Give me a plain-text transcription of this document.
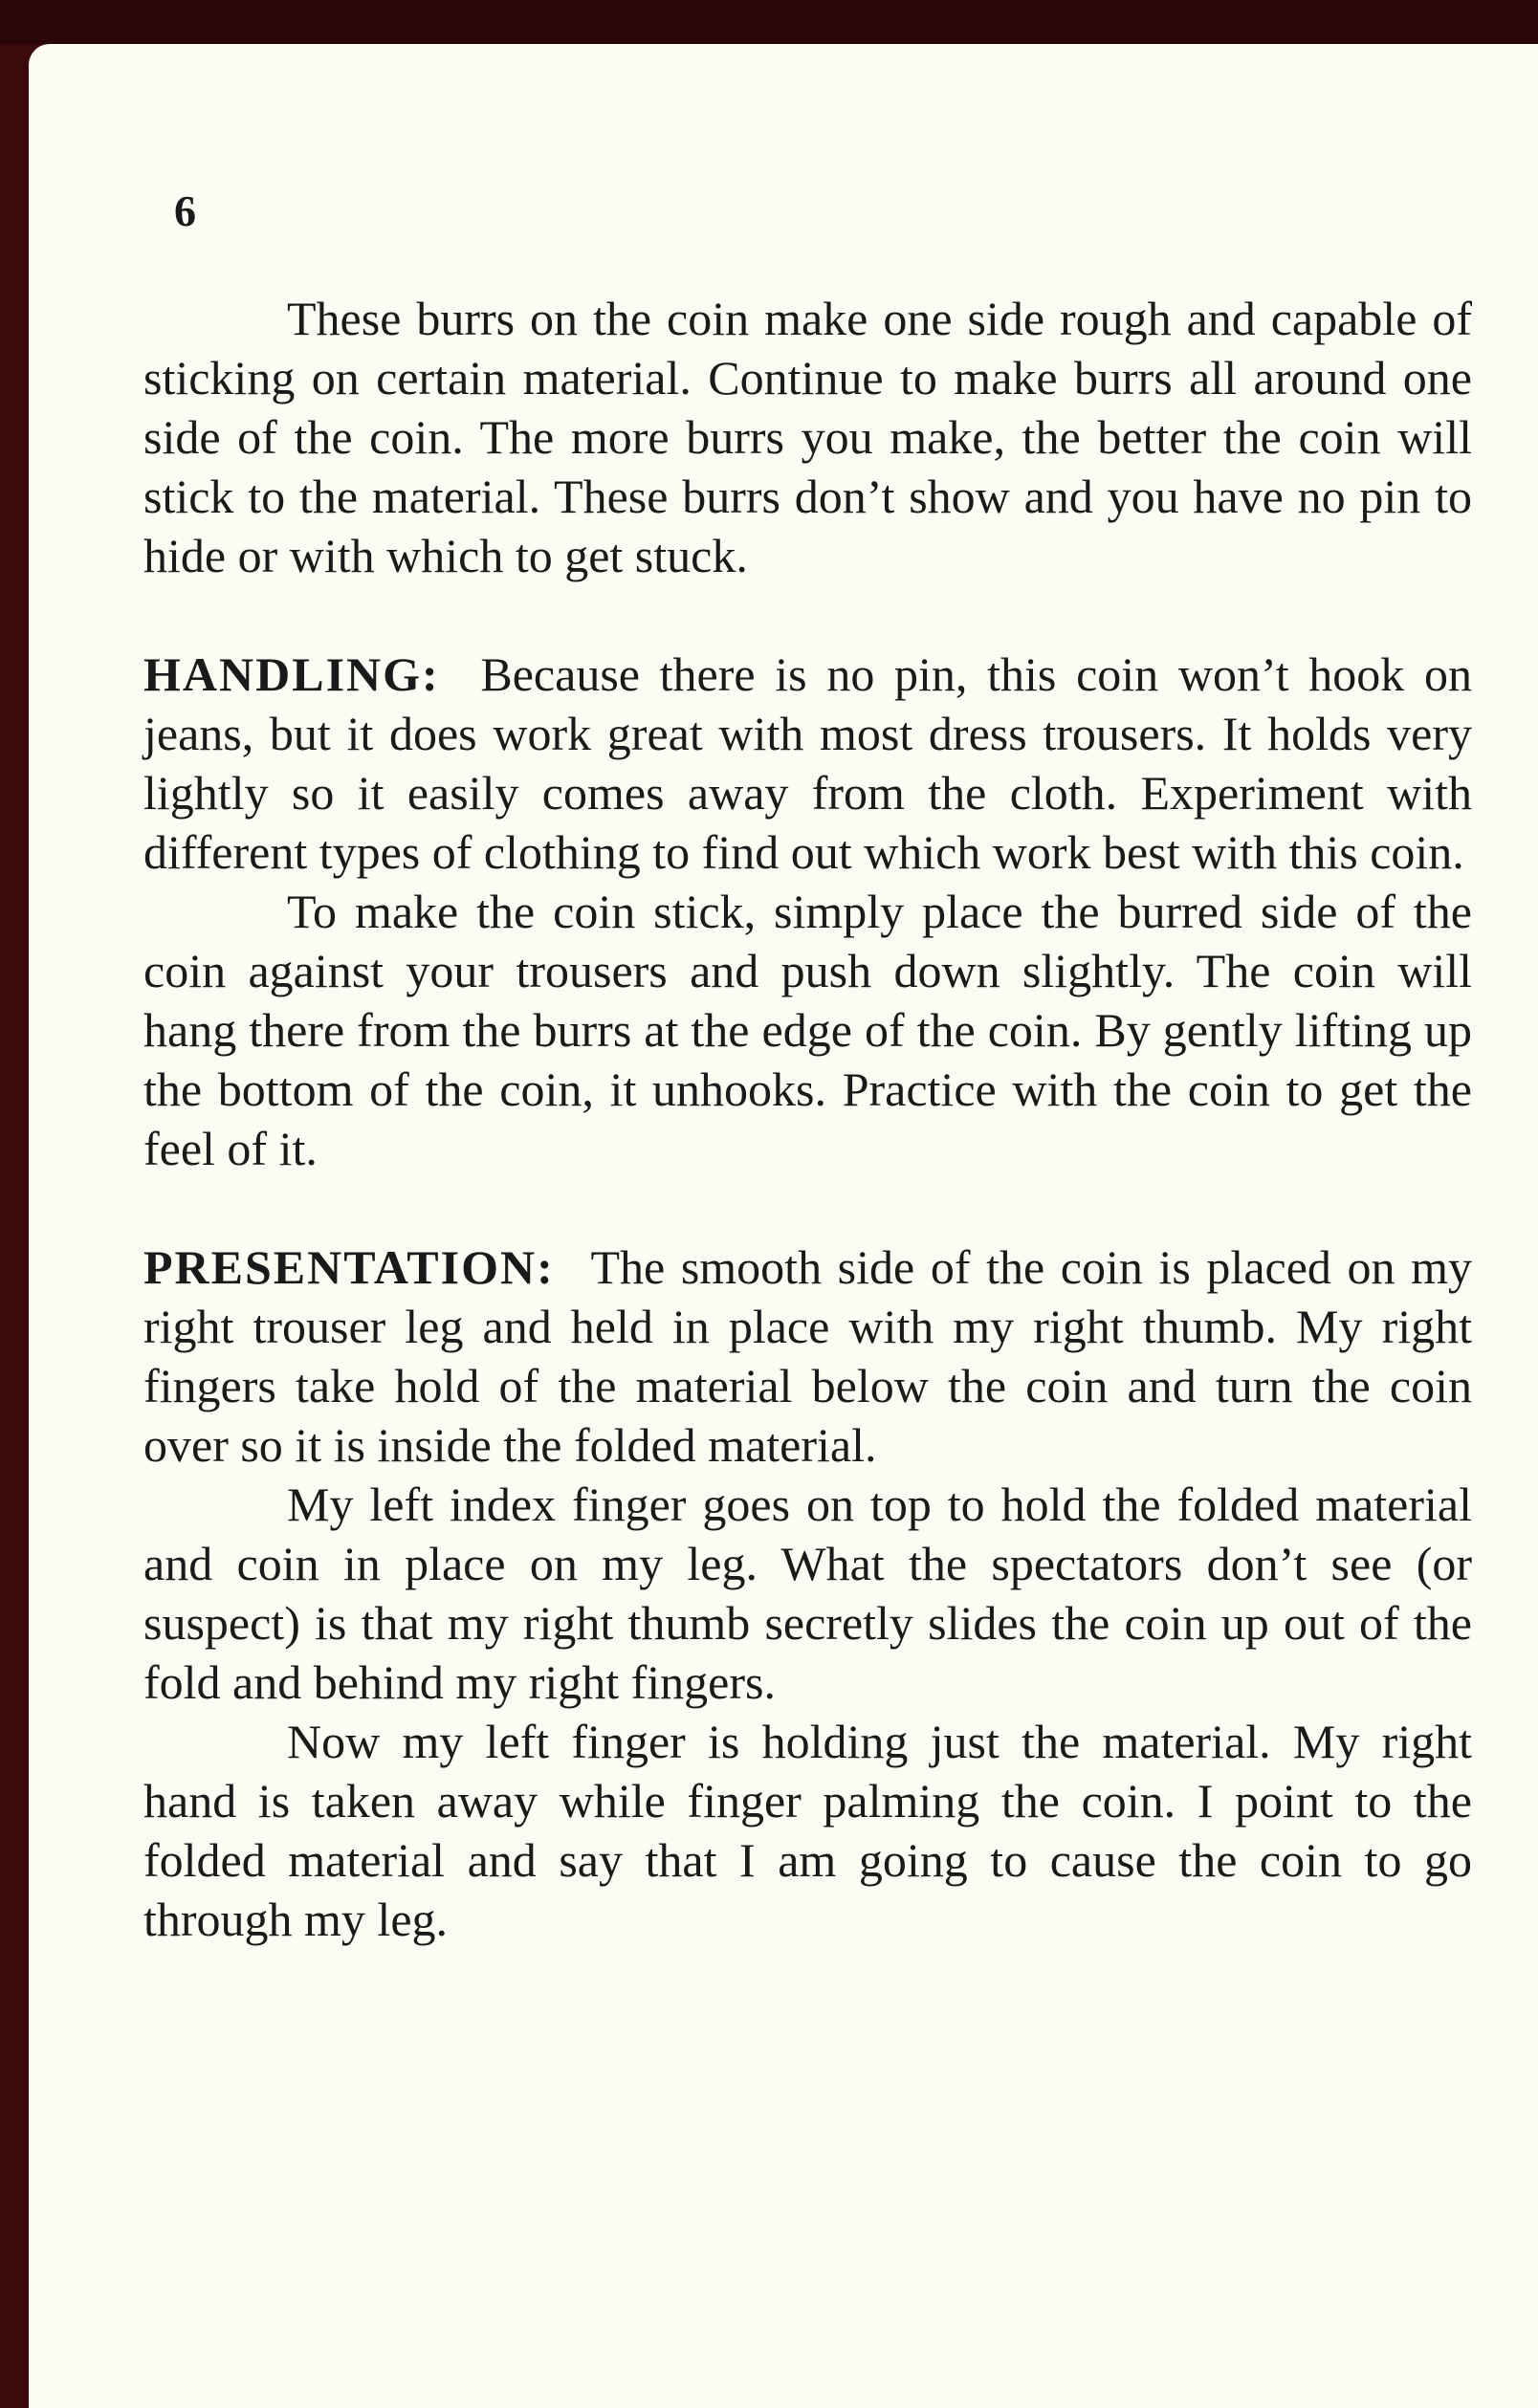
6

These burrs on the coin make one side rough and capable of sticking on certain material. Continue to make burrs all around one side of the coin. The more burrs you make, the better the coin will stick to the material. These burrs don’t show and you have no pin to hide or with which to get stuck.

HANDLING: Because there is no pin, this coin won’t hook on jeans, but it does work great with most dress trousers. It holds very lightly so it easily comes away from the cloth. Experiment with different types of clothing to find out which work best with this coin.

To make the coin stick, simply place the burred side of the coin against your trousers and push down slightly. The coin will hang there from the burrs at the edge of the coin. By gently lifting up the bottom of the coin, it unhooks. Practice with the coin to get the feel of it.

PRESENTATION: The smooth side of the coin is placed on my right trouser leg and held in place with my right thumb. My right fingers take hold of the material below the coin and turn the coin over so it is inside the folded material.

My left index finger goes on top to hold the folded material and coin in place on my leg. What the spectators don’t see (or suspect) is that my right thumb secretly slides the coin up out of the fold and behind my right fingers.

Now my left finger is holding just the material. My right hand is taken away while finger palming the coin. I point to the folded material and say that I am going to cause the coin to go through my leg.
